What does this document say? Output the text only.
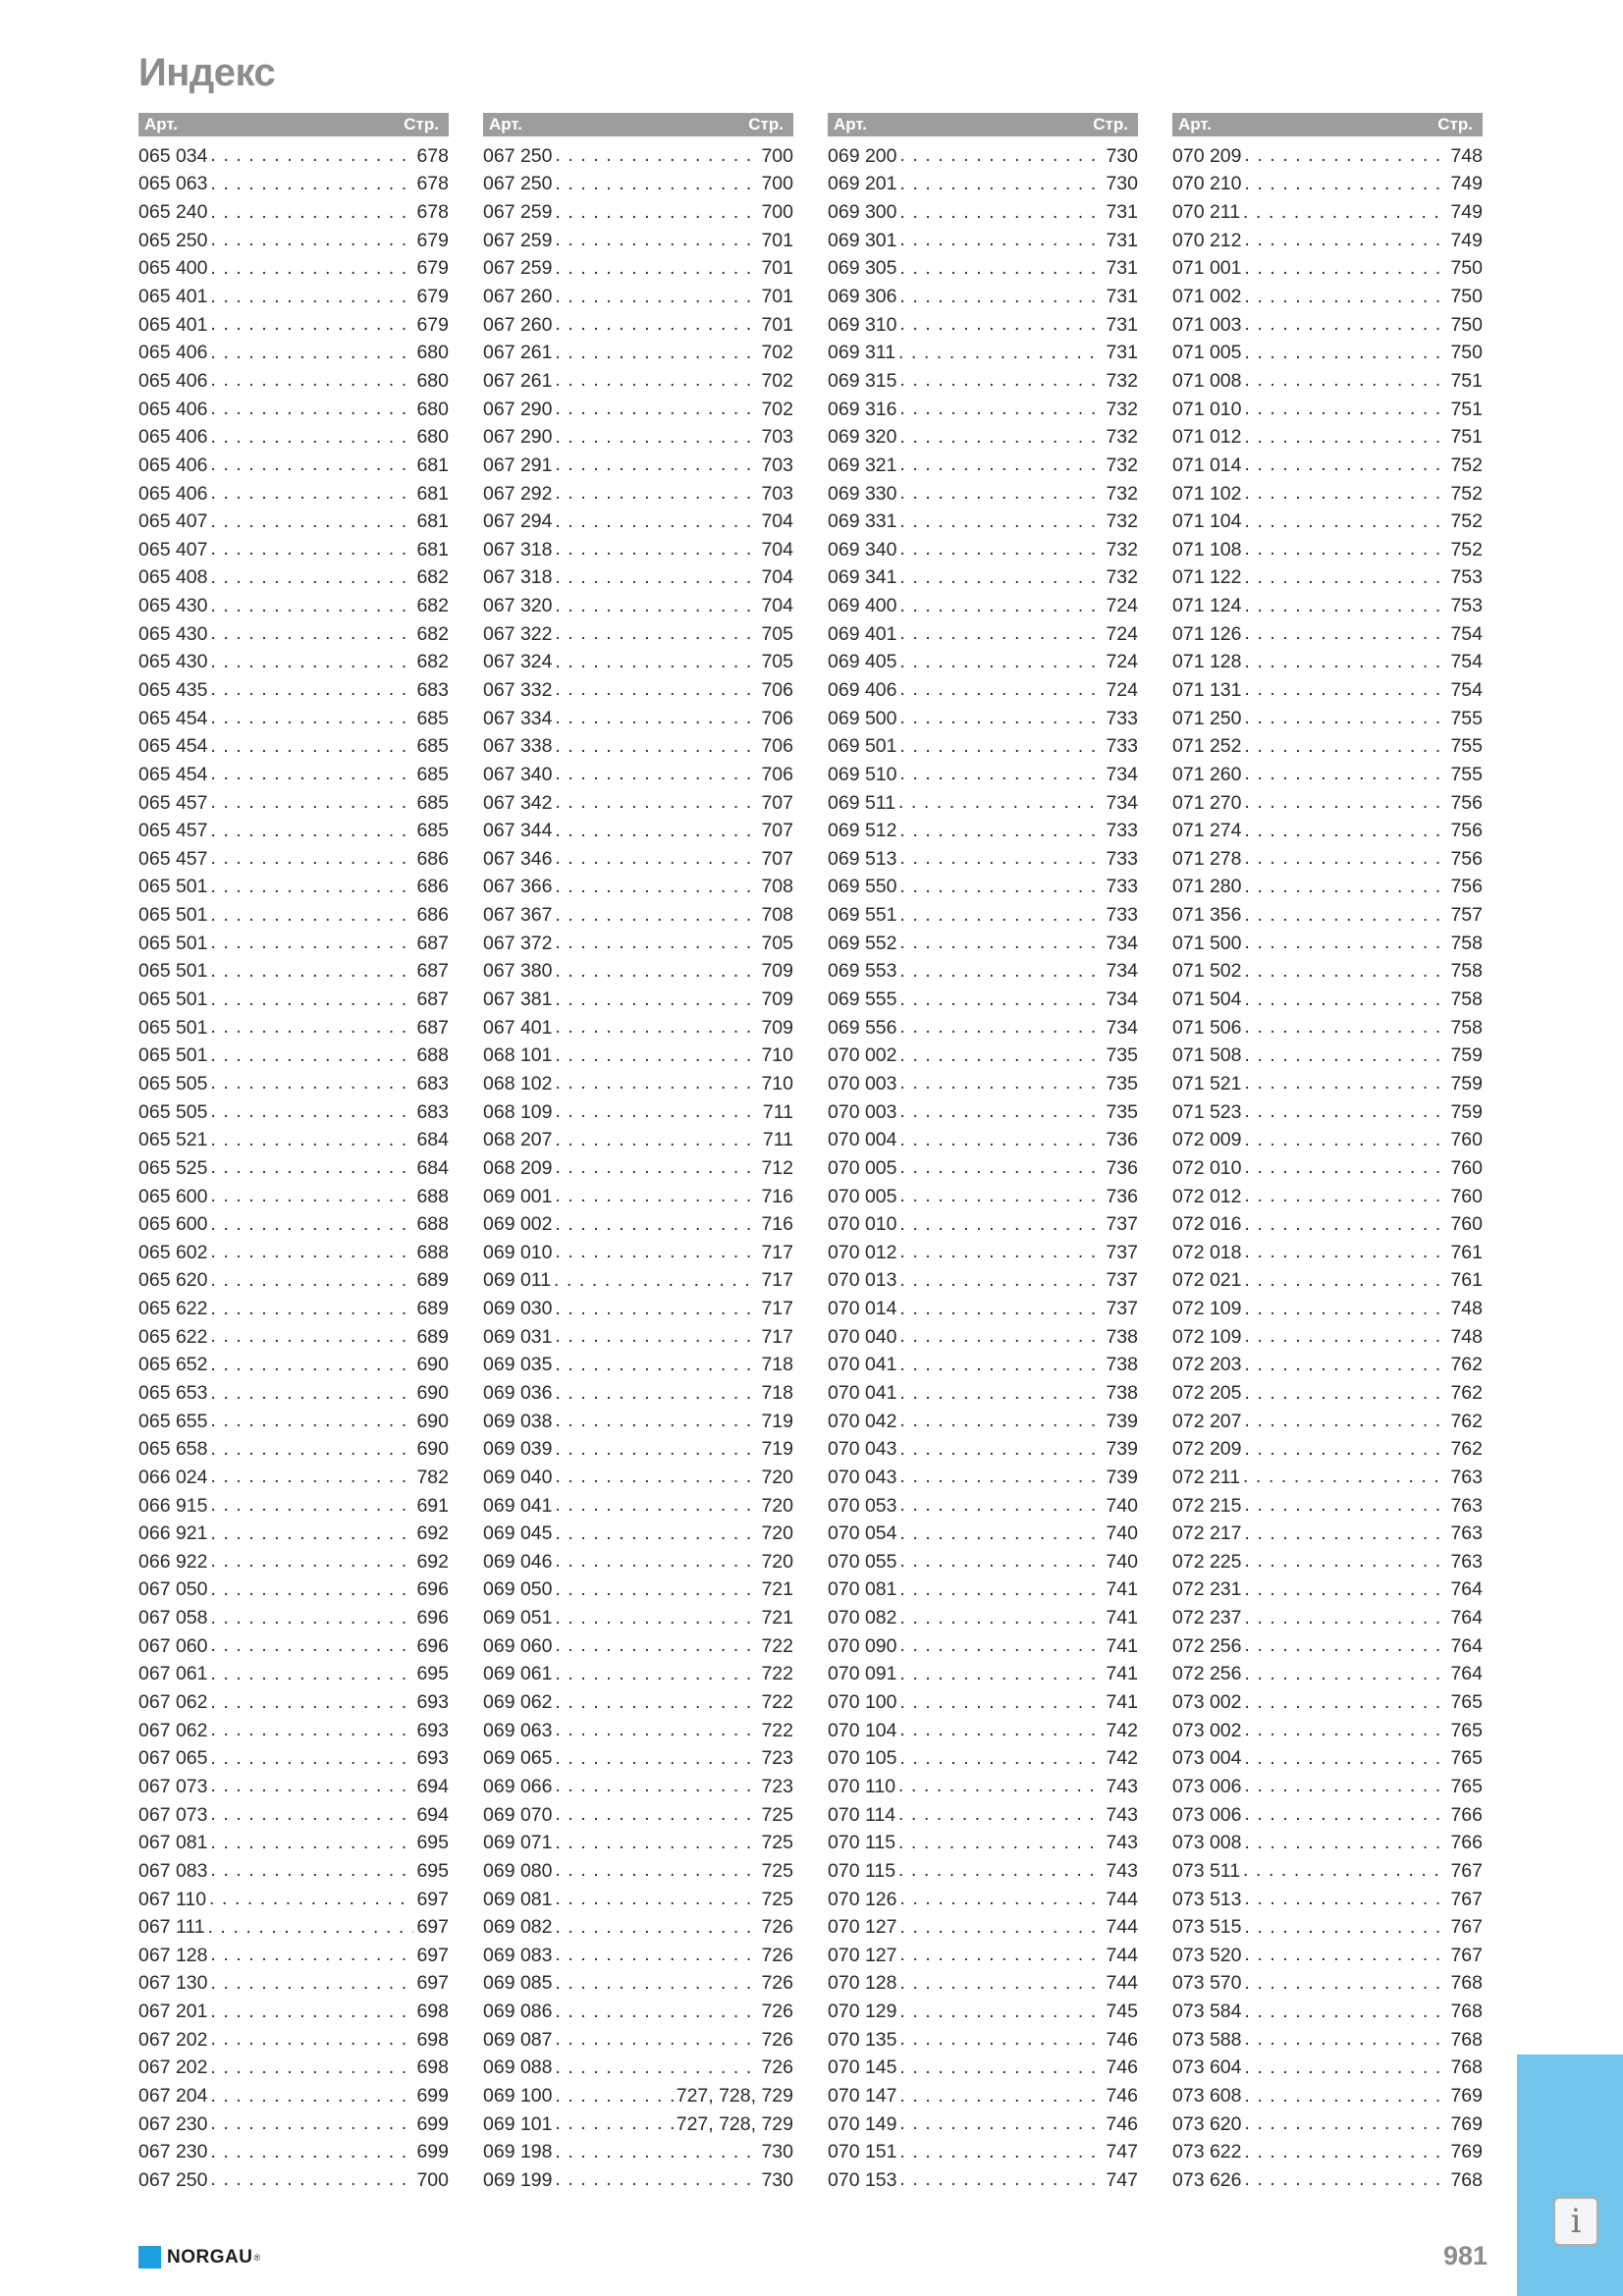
Индекс
Арт.	Стр.
065 034 . . .	678
065 063 . . .	678
065 240 . . .	678
065 250 . . .	679
065 400 . . .	679
065 401 . . .	679
065 401 . . .	679
065 406 . . .	680
065 406 . . .	680
065 406 . . .	680
065 406 . . .	680
065 406 . . .	681
065 406 . . .	681
065 407 . . .	681
065 407 . . .	681
065 408 . . .	682
065 430 . . .	682
065 430 . . .	682
065 430 . . .	682
065 435 . . .	683
065 454 . . .	685
065 454 . . .	685
065 454 . . .	685
065 457 . . .	685
065 457 . . .	685
065 457 . . .	686
065 501 . . .	686
065 501 . . .	686
065 501 . . .	687
065 501 . . .	687
065 501 . . .	687
065 501 . . .	687
065 501 . . .	688
065 505 . . .	683
065 505 . . .	683
065 521 . . .	684
065 525 . . .	684
065 600 . . .	688
065 600 . . .	688
065 602 . . .	688
065 620 . . .	689
065 622 . . .	689
065 622 . . .	689
065 652 . . .	690
065 653 . . .	690
065 655 . . .	690
065 658 . . .	690
066 024 . . .	782
066 915 . . .	691
066 921 . . .	692
066 922 . . .	692
067 050 . . .	696
067 058 . . .	696
067 060 . . .	696
067 061 . . .	695
067 062 . . .	693
067 062 . . .	693
067 065 . . .	693
067 073 . . .	694
067 073 . . .	694
067 081 . . .	695
067 083 . . .	695
067 110 . . .	697
067 111 . . .	697
067 128 . . .	697
067 130 . . .	697
067 201 . . .	698
067 202 . . .	698
067 202 . . .	698
067 204 . . .	699
067 230 . . .	699
067 230 . . .	699
067 250 . . .	700
Арт.	Стр.
067 250 . . .	700
067 250 . . .	700
067 259 . . .	700
067 259 . . .	701
067 259 . . .	701
067 260 . . .	701
067 260 . . .	701
067 261 . . .	702
067 261 . . .	702
067 290 . . .	702
067 290 . . .	703
067 291 . . .	703
067 292 . . .	703
067 294 . . .	704
067 318 . . .	704
067 318 . . .	704
067 320 . . .	704
067 322 . . .	705
067 324 . . .	705
067 332 . . .	706
067 334 . . .	706
067 338 . . .	706
067 340 . . .	706
067 342 . . .	707
067 344 . . .	707
067 346 . . .	707
067 366 . . .	708
067 367 . . .	708
067 372 . . .	705
067 380 . . .	709
067 381 . . .	709
067 401 . . .	709
068 101 . . .	710
068 102 . . .	710
068 109 . . .	711
068 207 . . .	711
068 209 . . .	712
069 001 . . .	716
069 002 . . .	716
069 010 . . .	717
069 011 . . .	717
069 030 . . .	717
069 031 . . .	717
069 035 . . .	718
069 036 . . .	718
069 038 . . .	719
069 039 . . .	719
069 040 . . .	720
069 041 . . .	720
069 045 . . .	720
069 046 . . .	720
069 050 . . .	721
069 051 . . .	721
069 060 . . .	722
069 061 . . .	722
069 062 . . .	722
069 063 . . .	722
069 065 . . .	723
069 066 . . .	723
069 070 . . .	725
069 071 . . .	725
069 080 . . .	725
069 081 . . .	725
069 082 . . .	726
069 083 . . .	726
069 085 . . .	726
069 086 . . .	726
069 087 . . .	726
069 088 . . .	726
069 100 . . .	727, 728, 729
069 101 . . .	727, 728, 729
069 198 . . .	730
069 199 . . .	730
Арт.	Стр.
069 200 . . .	730
069 201 . . .	730
069 300 . . .	731
069 301 . . .	731
069 305 . . .	731
069 306 . . .	731
069 310 . . .	731
069 311 . . .	731
069 315 . . .	732
069 316 . . .	732
069 320 . . .	732
069 321 . . .	732
069 330 . . .	732
069 331 . . .	732
069 340 . . .	732
069 341 . . .	732
069 400 . . .	724
069 401 . . .	724
069 405 . . .	724
069 406 . . .	724
069 500 . . .	733
069 501 . . .	733
069 510 . . .	734
069 511 . . .	734
069 512 . . .	733
069 513 . . .	733
069 550 . . .	733
069 551 . . .	733
069 552 . . .	734
069 553 . . .	734
069 555 . . .	734
069 556 . . .	734
070 002 . . .	735
070 003 . . .	735
070 003 . . .	735
070 004 . . .	736
070 005 . . .	736
070 005 . . .	736
070 010 . . .	737
070 012 . . .	737
070 013 . . .	737
070 014 . . .	737
070 040 . . .	738
070 041 . . .	738
070 041 . . .	738
070 042 . . .	739
070 043 . . .	739
070 043 . . .	739
070 053 . . .	740
070 054 . . .	740
070 055 . . .	740
070 081 . . .	741
070 082 . . .	741
070 090 . . .	741
070 091 . . .	741
070 100 . . .	741
070 104 . . .	742
070 105 . . .	742
070 110 . . .	743
070 114 . . .	743
070 115 . . .	743
070 115 . . .	743
070 126 . . .	744
070 127 . . .	744
070 127 . . .	744
070 128 . . .	744
070 129 . . .	745
070 135 . . .	746
070 145 . . .	746
070 147 . . .	746
070 149 . . .	746
070 151 . . .	747
070 153 . . .	747
Арт.	Стр.
070 209 . . .	748
070 210 . . .	749
070 211 . . .	749
070 212 . . .	749
071 001 . . .	750
071 002 . . .	750
071 003 . . .	750
071 005 . . .	750
071 008 . . .	751
071 010 . . .	751
071 012 . . .	751
071 014 . . .	752
071 102 . . .	752
071 104 . . .	752
071 108 . . .	752
071 122 . . .	753
071 124 . . .	753
071 126 . . .	754
071 128 . . .	754
071 131 . . .	754
071 250 . . .	755
071 252 . . .	755
071 260 . . .	755
071 270 . . .	756
071 274 . . .	756
071 278 . . .	756
071 280 . . .	756
071 356 . . .	757
071 500 . . .	758
071 502 . . .	758
071 504 . . .	758
071 506 . . .	758
071 508 . . .	759
071 521 . . .	759
071 523 . . .	759
072 009 . . .	760
072 010 . . .	760
072 012 . . .	760
072 016 . . .	760
072 018 . . .	761
072 021 . . .	761
072 109 . . .	748
072 109 . . .	748
072 203 . . .	762
072 205 . . .	762
072 207 . . .	762
072 209 . . .	762
072 211 . . .	763
072 215 . . .	763
072 217 . . .	763
072 225 . . .	763
072 231 . . .	764
072 237 . . .	764
072 256 . . .	764
072 256 . . .	764
073 002 . . .	765
073 002 . . .	765
073 004 . . .	765
073 006 . . .	765
073 006 . . .	766
073 008 . . .	766
073 511 . . .	767
073 513 . . .	767
073 515 . . .	767
073 520 . . .	767
073 570 . . .	768
073 584 . . .	768
073 588 . . .	768
073 604 . . .	768
073 608 . . .	769
073 620 . . .	769
073 622 . . .	769
073 626 . . .	768
i
NORGAU ®	981
